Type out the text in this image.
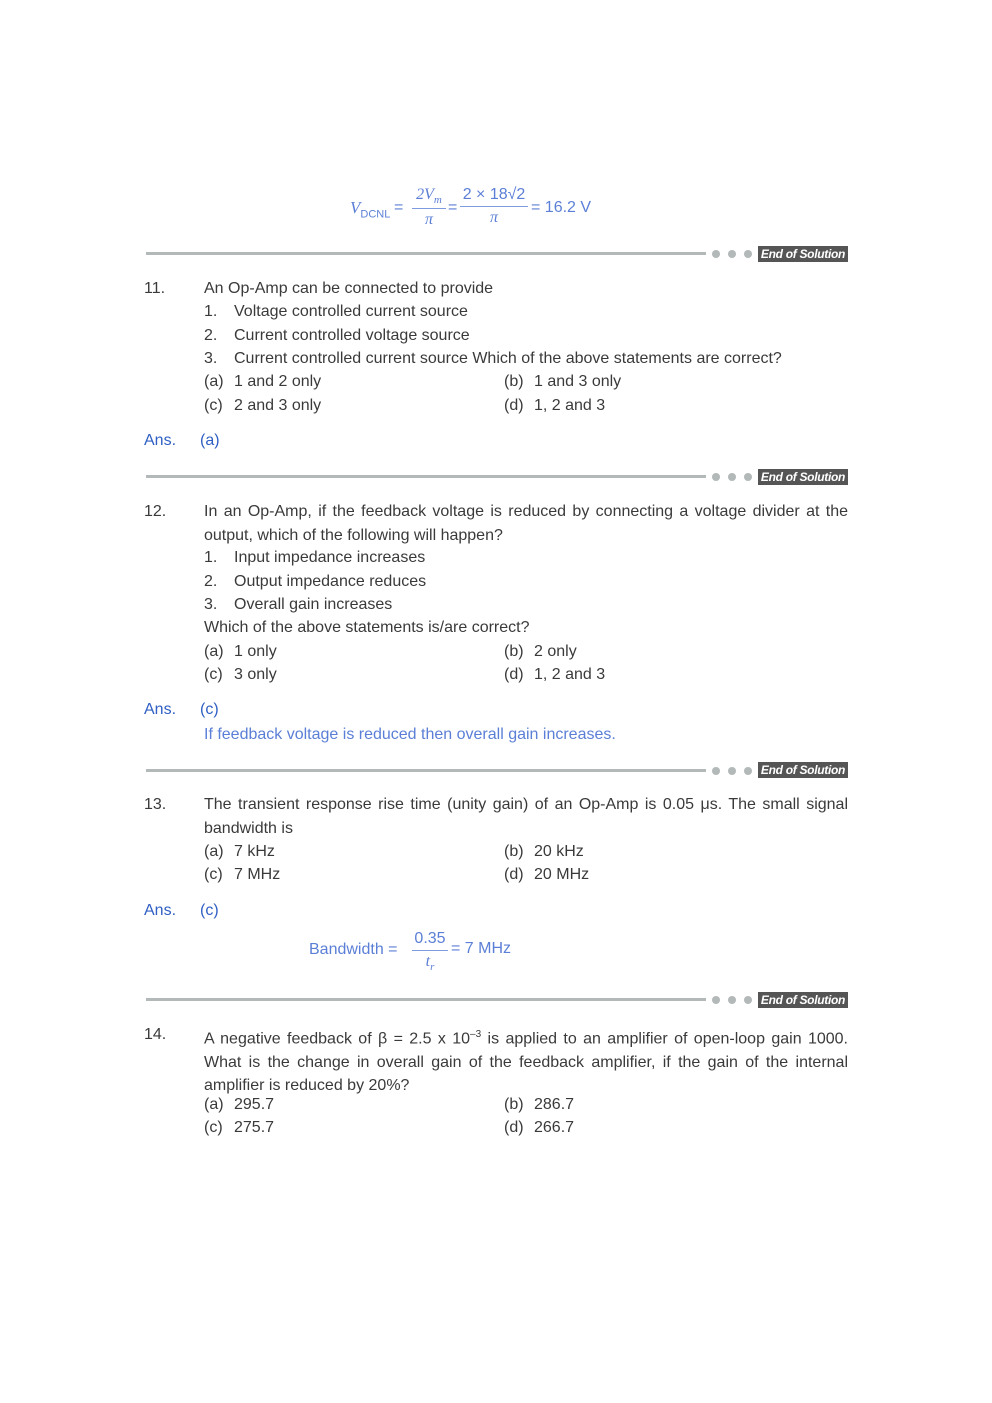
$V_{DCNL} = \frac{2V_m}{\pi} = \frac{2 \times 18√2}{\pi} = 16.2$ V
End of Solution
11. An Op-Amp can be connected to provide
1. Voltage controlled current source
2. Current controlled voltage source
3. Current controlled current source Which of the above statements are correct?
(a) 1 and 2 only	(b) 1 and 3 only
(c) 2 and 3 only	(d) 1, 2 and 3
Ans. (a)
End of Solution
12. In an Op-Amp, if the feedback voltage is reduced by connecting a voltage divider at the output, which of the following will happen?
1. Input impedance increases
2. Output impedance reduces
3. Overall gain increases
Which of the above statements is/are correct?
(a) 1 only	(b) 2 only
(c) 3 only	(d) 1, 2 and 3
Ans. (c)
If feedback voltage is reduced then overall gain increases.
End of Solution
13. The transient response rise time (unity gain) of an Op-Amp is 0.05 μs. The small signal bandwidth is
(a) 7 kHz	(b) 20 kHz
(c) 7 MHz	(d) 20 MHz
Ans. (c)
Bandwidth = $\frac{0.35}{t_r} = 7$ MHz
End of Solution
14. A negative feedback of β = 2.5 x $10^{-3}$ is applied to an amplifier of open-loop gain 1000. What is the change in overall gain of the feedback amplifier, if the gain of the internal amplifier is reduced by 20%?
(a) 295.7	(b) 286.7
(c) 275.7	(d) 266.7
